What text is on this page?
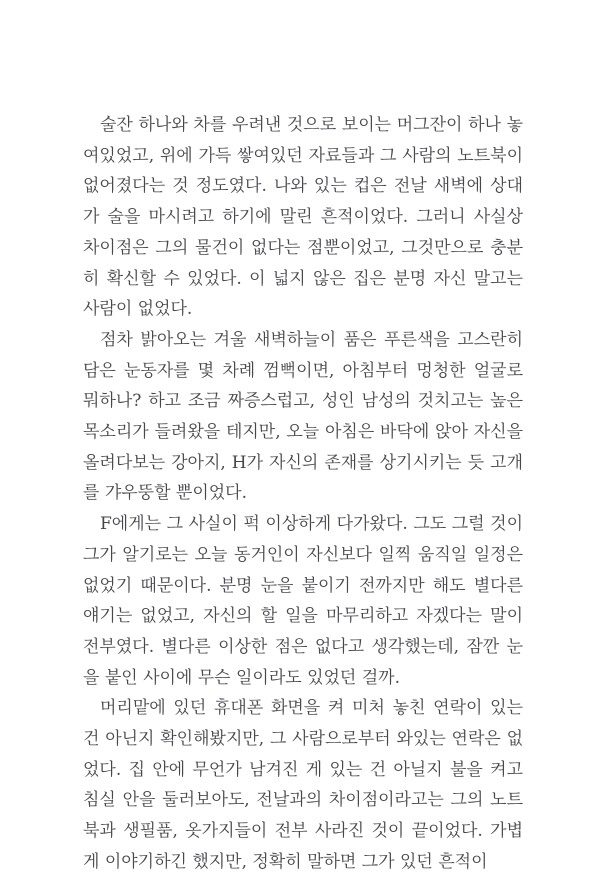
술잔 하나와 차를 우려낸 것으로 보이는 머그잔이 하나 놓여있었고, 위에 가득 쌓여있던 자료들과 그 사람의 노트북이 없어졌다는 것 정도였다. 나와 있는 컵은 전날 새벽에 상대가 술을 마시려고 하기에 말린 흔적이었다. 그러니 사실상 차이점은 그의 물건이 없다는 점뿐이었고, 그것만으로 충분히 확신할 수 있었다. 이 넓지 않은 집은 분명 자신 말고는 사람이 없었다.

점차 밝아오는 겨울 새벽하늘이 품은 푸른색을 고스란히 담은 눈동자를 몇 차례 껌뻑이면, 아침부터 멍청한 얼굴로 뭐하나? 하고 조금 짜증스럽고, 성인 남성의 것치고는 높은 목소리가 들려왔을 테지만, 오늘 아침은 바닥에 앉아 자신을 올려다보는 강아지, H가 자신의 존재를 상기시키는 듯 고개를 갸우뚱할 뿐이었다.

F에게는 그 사실이 퍽 이상하게 다가왔다. 그도 그럴 것이 그가 알기로는 오늘 동거인이 자신보다 일찍 움직일 일정은 없었기 때문이다. 분명 눈을 붙이기 전까지만 해도 별다른 얘기는 없었고, 자신의 할 일을 마무리하고 자겠다는 말이 전부였다. 별다른 이상한 점은 없다고 생각했는데, 잠깐 눈을 붙인 사이에 무슨 일이라도 있었던 걸까.

머리맡에 있던 휴대폰 화면을 켜 미처 놓친 연락이 있는 건 아닌지 확인해봤지만, 그 사람으로부터 와있는 연락은 없었다. 집 안에 무언가 남겨진 게 있는 건 아닐지 불을 켜고 침실 안을 둘러보아도, 전날과의 차이점이라고는 그의 노트북과 생필품, 옷가지들이 전부 사라진 것이 끝이었다. 가볍게 이야기하긴 했지만, 정확히 말하면 그가 있던 흔적이
